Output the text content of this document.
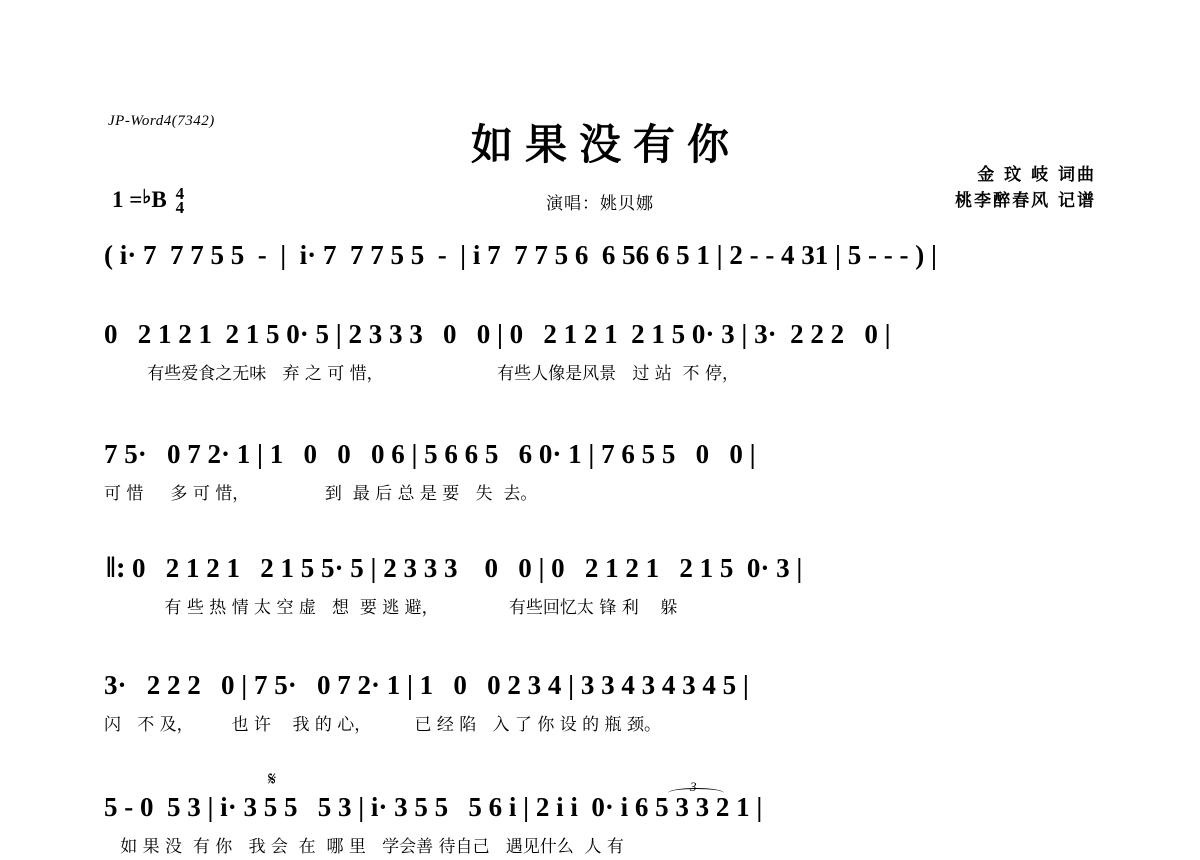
JP-Word4(7342)	如果没有你
演唱：姚贝娜
金 玟 岐 词曲
桃李醉春风 记谱
1 = ♭ B 4
4
( i· 7  7 7 5 5  -  |  i· 7  7 7 5 5  -  | i 7  7 7 5 6  6 56 6 5 1 | 2 - - 4 31 | 5 - - - ) |
0   2 1 2 1  2 1 5 0· 5 | 2 3 3 3   0   0 | 0   2 1 2 1  2 1 5 0· 3 | 3·  2 2 2   0 |
有些爱食之无味   弃 之 可 惜，                     有些人像是风景   过 站  不 停，
7 5·   0 7 2· 1 | 1   0   0   0 6 | 5 6 6 5   6 0· 1 | 7 6 5 5   0   0 |
可 惜     多 可 惜，              到  最 后 总 是 要   失  去。
‖: 0   2 1 2 1   2 1 5 5· 5 | 2 3 3 3    0   0 | 0   2 1 2 1   2 1 5  0· 3 |
有 些 热 情 太 空 虚   想  要 逃 避，             有些回忆太 锋 利    躲
3·   2 2 2   0 | 7 5·   0 7 2· 1 | 1   0   0 2 3 4 | 3 3 4 3 4 3 4 5 |
闪   不 及，       也 许    我 的 心，        已 经 陷   入 了 你 设 的 瓶 颈。
𝄋	3
5 - 0  5 3 | i· 3 5 5   5 3 | i· 3 5 5   5 6 i | 2 i i  0· i 6 5 3 3 2 1 |
如 果 没  有 你   我 会  在  哪 里   学会善 待自己   遇见什么  人 有
